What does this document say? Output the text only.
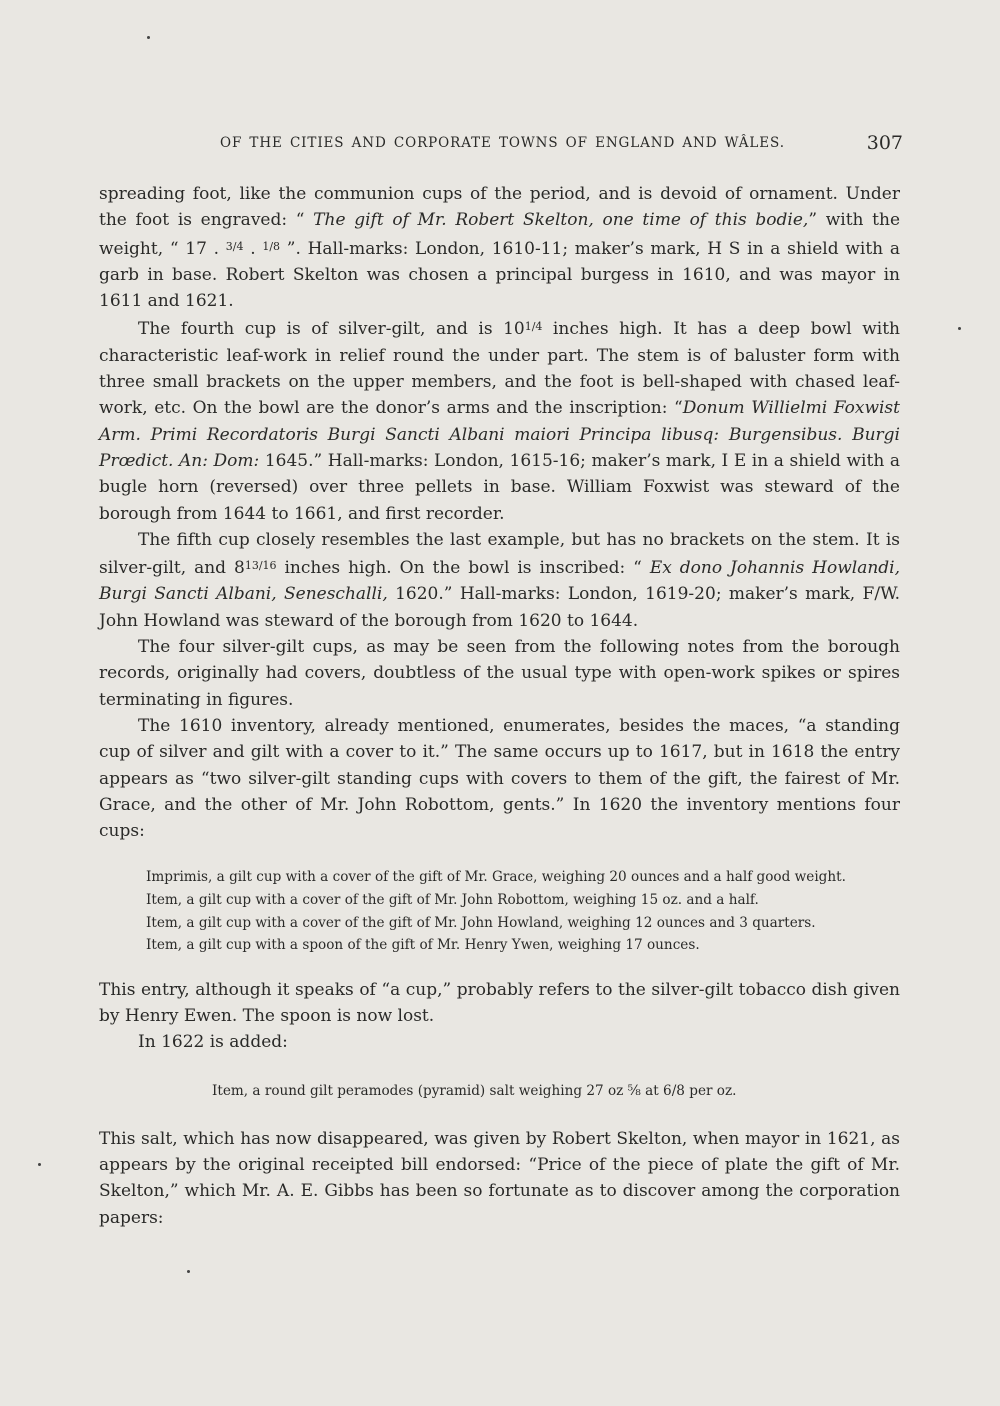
OF THE CITIES AND CORPORATE TOWNS OF ENGLAND AND WÂLES.	307

spreading foot, like the communion cups of the period, and is devoid of ornament. Under the foot is engraved: “ The gift of Mr. Robert Skelton, one time of this bodie,” with the weight, “ 17 . $^{3/4}$ . $^{1/8}$ ”. Hall-marks: London, 1610-11; maker’s mark, H S in a shield with a garb in base. Robert Skelton was chosen a principal burgess in 1610, and was mayor in 1611 and 1621.

The fourth cup is of silver-gilt, and is $10^{1/4}$ inches high. It has a deep bowl with characteristic leaf-work in relief round the under part. The stem is of baluster form with three small brackets on the upper members, and the foot is bell-shaped with chased leaf-work, etc. On the bowl are the donor’s arms and the inscription: “Donum Willielmi Foxwist Arm. Primi Recordatoris Burgi Sancti Albani maiori Principa libusq: Burgensibus. Burgi Prœdict. An: Dom: 1645.” Hall-marks: London, 1615-16; maker’s mark, I E in a shield with a bugle horn (reversed) over three pellets in base. William Foxwist was steward of the borough from 1644 to 1661, and first recorder.

The fifth cup closely resembles the last example, but has no brackets on the stem. It is silver-gilt, and $8^{13/16}$ inches high. On the bowl is inscribed: “ Ex dono Johannis Howlandi, Burgi Sancti Albani, Seneschalli, 1620.” Hall-marks: London, 1619-20; maker’s mark, F/W. John Howland was steward of the borough from 1620 to 1644.

The four silver-gilt cups, as may be seen from the following notes from the borough records, originally had covers, doubtless of the usual type with open-work spikes or spires terminating in figures.

The 1610 inventory, already mentioned, enumerates, besides the maces, “a standing cup of silver and gilt with a cover to it.” The same occurs up to 1617, but in 1618 the entry appears as “two silver-gilt standing cups with covers to them of the gift, the fairest of Mr. Grace, and the other of Mr. John Robottom, gents.” In 1620 the inventory mentions four cups:

Imprimis, a gilt cup with a cover of the gift of Mr. Grace, weighing 20 ounces and a half good weight.
Item, a gilt cup with a cover of the gift of Mr. John Robottom, weighing 15 oz. and a half.
Item, a gilt cup with a cover of the gift of Mr. John Howland, weighing 12 ounces and 3 quarters.
Item, a gilt cup with a spoon of the gift of Mr. Henry Ywen, weighing 17 ounces.

This entry, although it speaks of “a cup,” probably refers to the silver-gilt tobacco dish given by Henry Ewen. The spoon is now lost.

In 1622 is added:

Item, a round gilt peramodes (pyramid) salt weighing 27 oz ⅝ at 6/8 per oz.

This salt, which has now disappeared, was given by Robert Skelton, when mayor in 1621, as appears by the original receipted bill endorsed: “Price of the piece of plate the gift of Mr. Skelton,” which Mr. A. E. Gibbs has been so fortunate as to discover among the corporation papers:
